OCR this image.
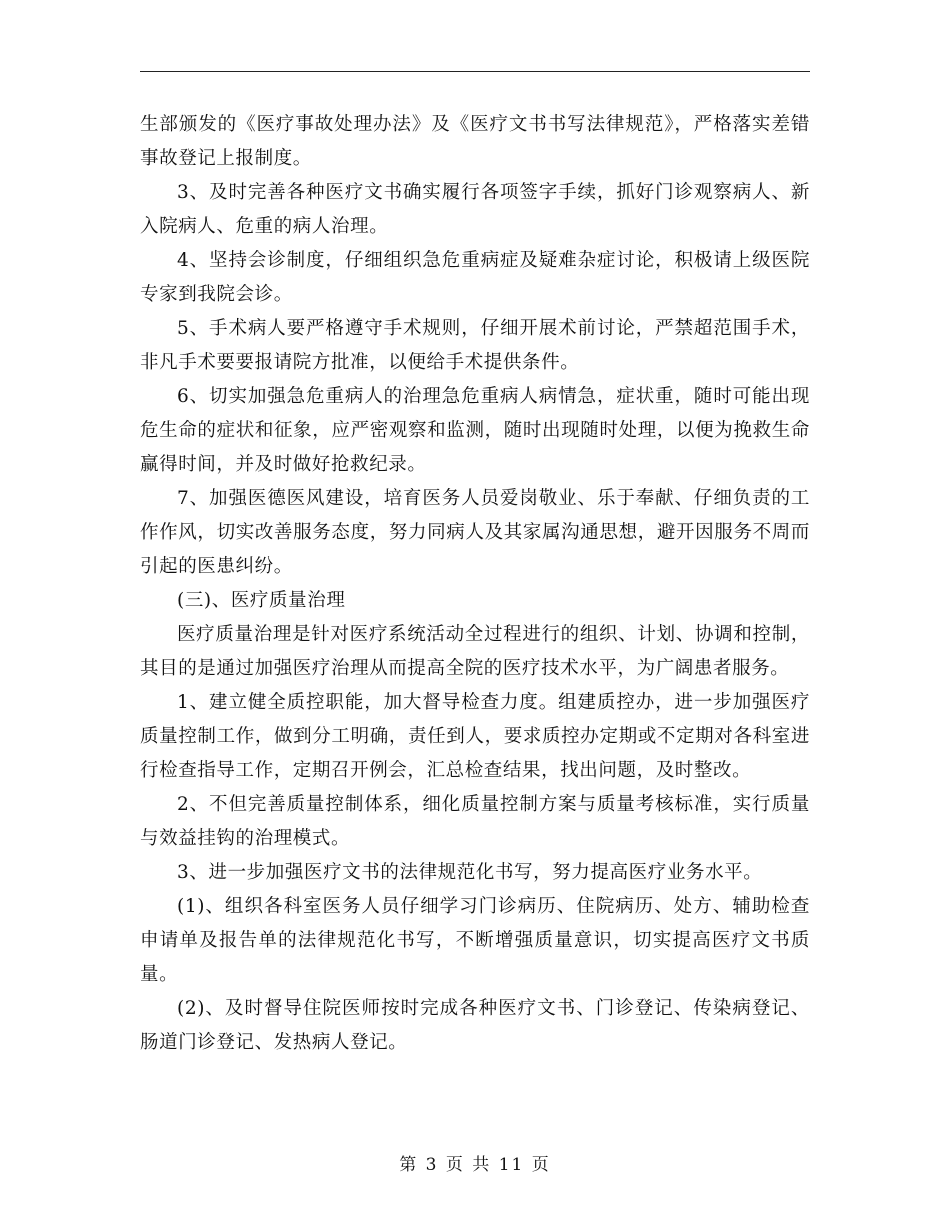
生部颁发的《医疗事故处理办法》及《医疗文书书写法律规范》，严格落实差错事故登记上报制度。

3、及时完善各种医疗文书确实履行各项签字手续，抓好门诊观察病人、新入院病人、危重的病人治理。

4、坚持会诊制度，仔细组织急危重病症及疑难杂症讨论，积极请上级医院专家到我院会诊。

5、手术病人要严格遵守手术规则，仔细开展术前讨论，严禁超范围手术，非凡手术要要报请院方批准，以便给手术提供条件。

6、切实加强急危重病人的治理急危重病人病情急，症状重，随时可能出现危生命的症状和征象，应严密观察和监测，随时出现随时处理，以便为挽救生命赢得时间，并及时做好抢救纪录。

7、加强医德医风建设，培育医务人员爱岗敬业、乐于奉献、仔细负责的工作作风，切实改善服务态度，努力同病人及其家属沟通思想，避开因服务不周而引起的医患纠纷。

(三)、医疗质量治理

医疗质量治理是针对医疗系统活动全过程进行的组织、计划、协调和控制，其目的是通过加强医疗治理从而提高全院的医疗技术水平，为广阔患者服务。

1、建立健全质控职能，加大督导检查力度。组建质控办，进一步加强医疗质量控制工作，做到分工明确，责任到人，要求质控办定期或不定期对各科室进行检查指导工作，定期召开例会，汇总检查结果，找出问题，及时整改。

2、不但完善质量控制体系，细化质量控制方案与质量考核标准，实行质量与效益挂钩的治理模式。

3、进一步加强医疗文书的法律规范化书写，努力提高医疗业务水平。

(1)、组织各科室医务人员仔细学习门诊病历、住院病历、处方、辅助检查申请单及报告单的法律规范化书写，不断增强质量意识，切实提高医疗文书质量。

(2)、及时督导住院医师按时完成各种医疗文书、门诊登记、传染病登记、肠道门诊登记、发热病人登记。

第 3 页 共 11 页
